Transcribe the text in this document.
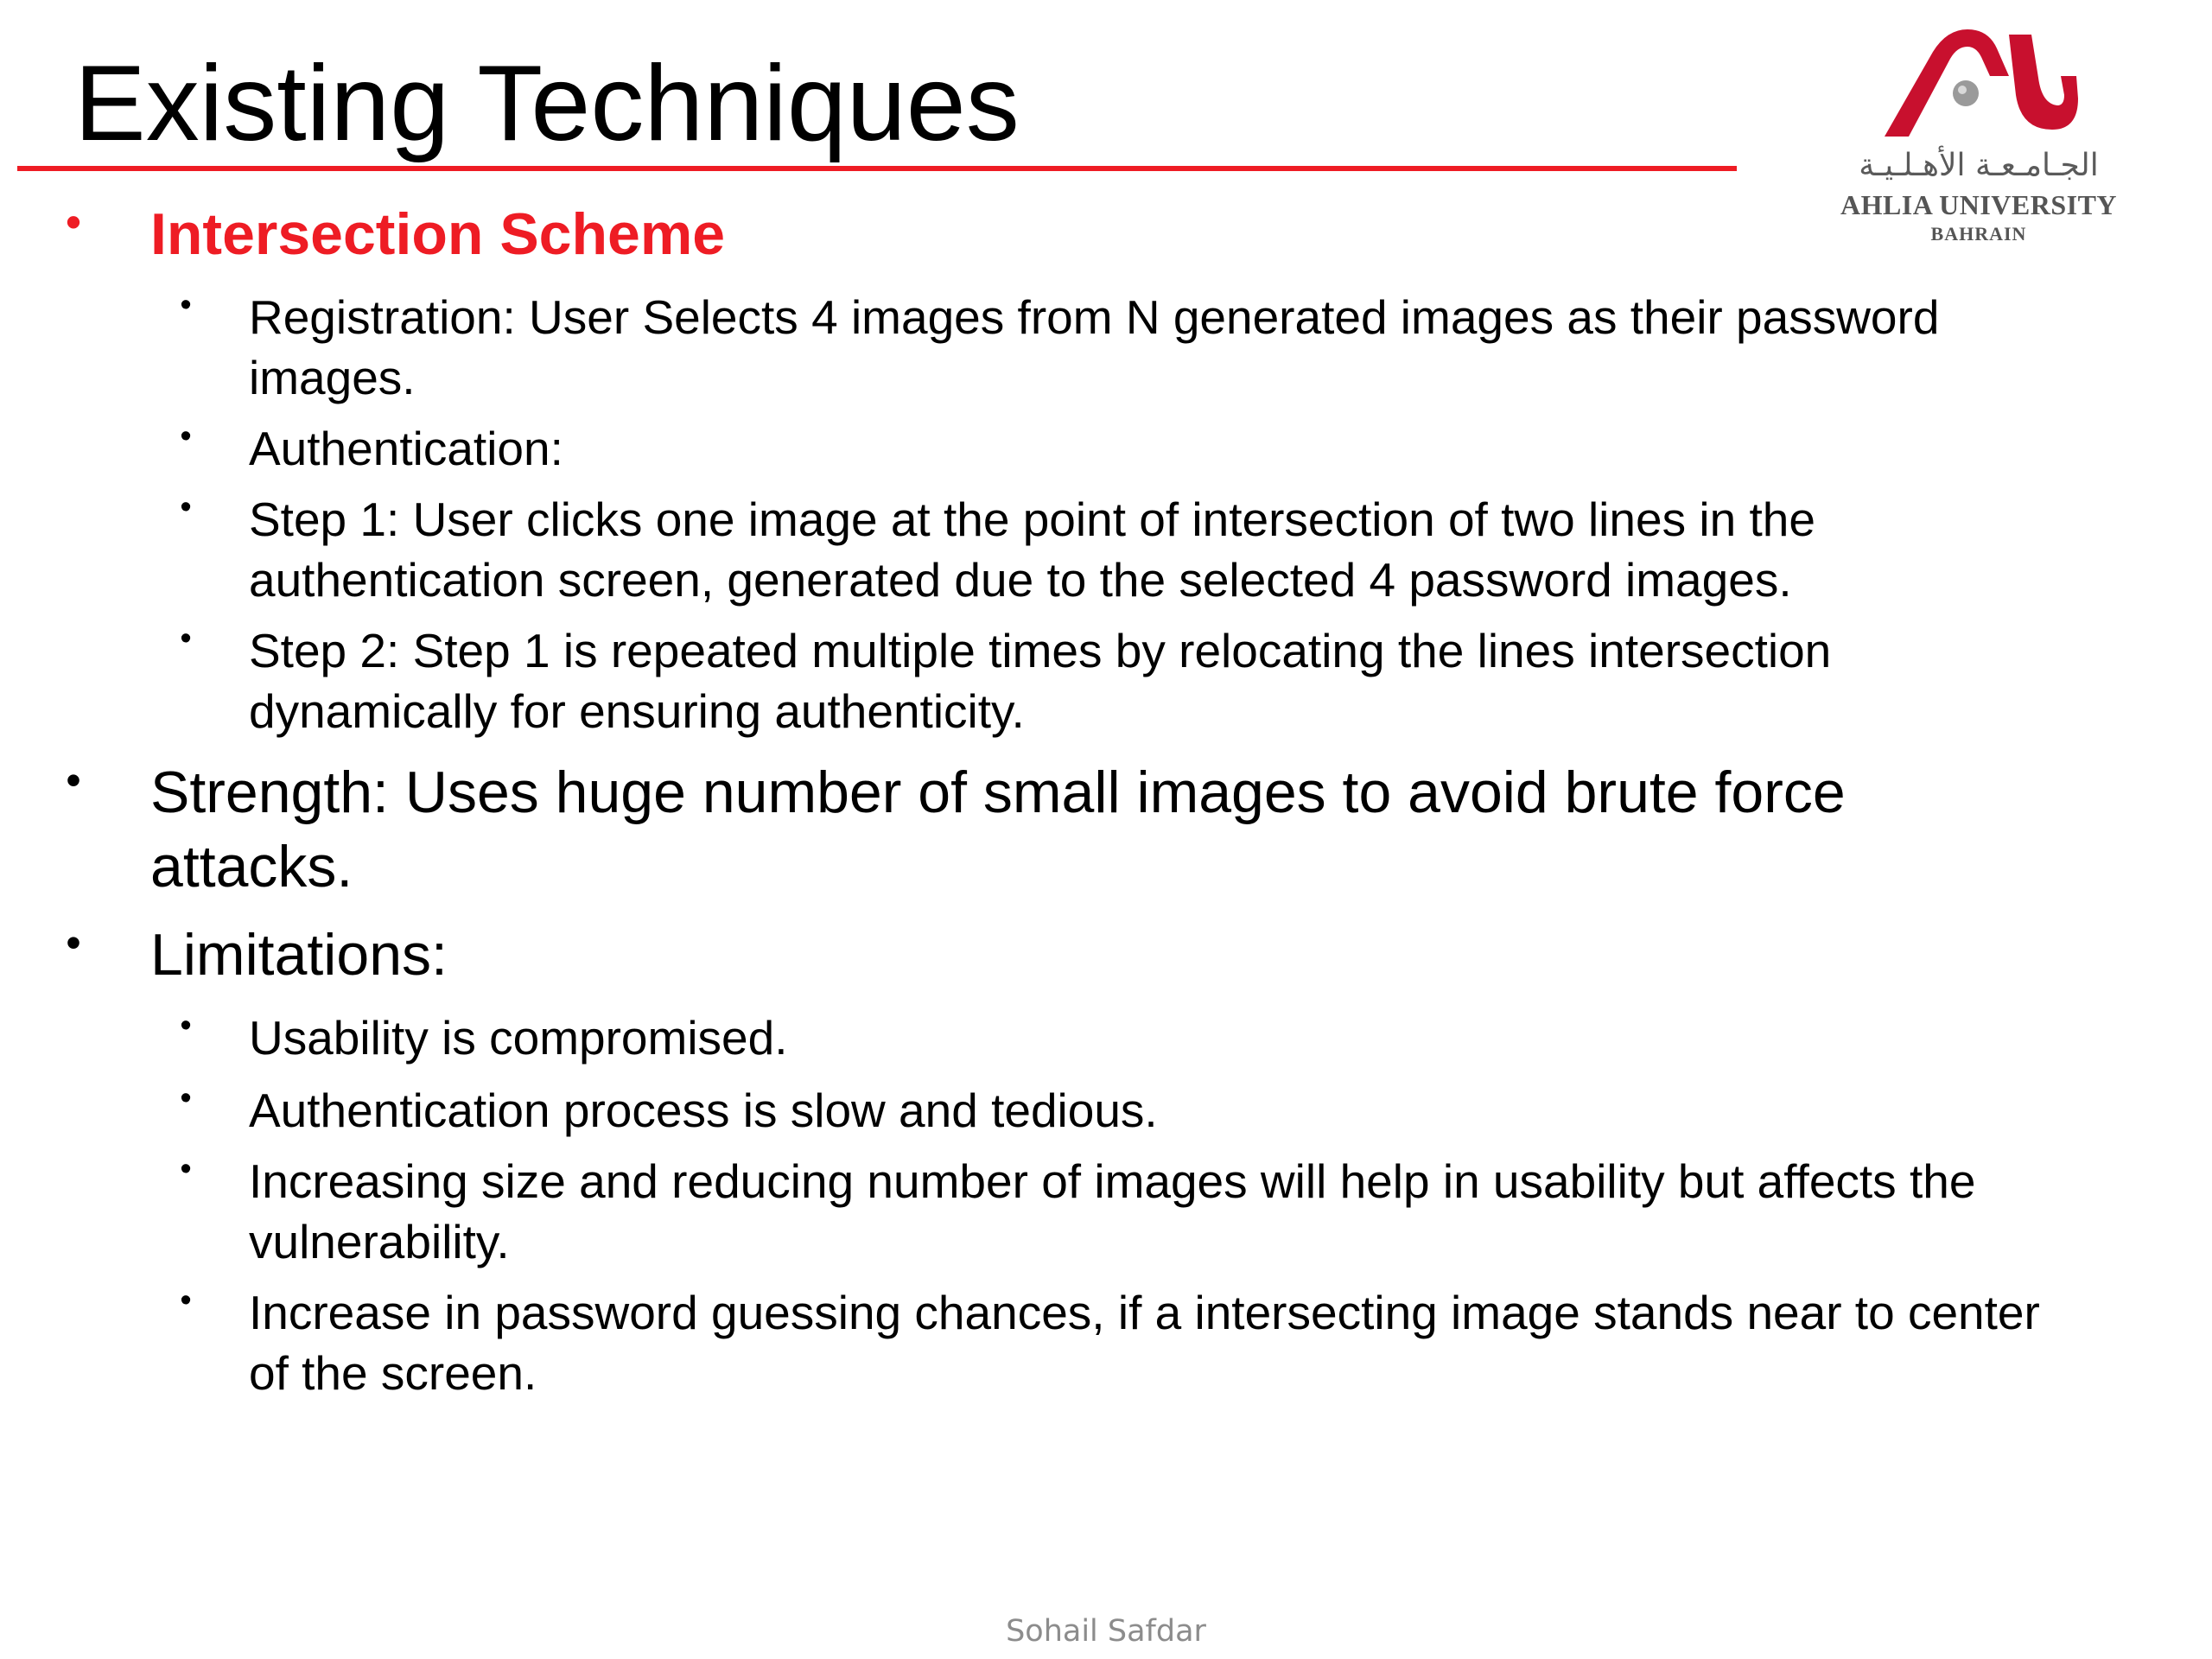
Existing Techniques
الجـامـعـة الأهـلـيـة
AHLIA UNIVERSITY
BAHRAIN
• Intersection Scheme
• Registration: User Selects 4 images from N generated images as their password images.
• Authentication:
• Step 1: User clicks one image at the point of intersection of two lines in the authentication screen, generated due to the selected 4 password images.
• Step 2: Step 1 is repeated multiple times by relocating the lines intersection dynamically for ensuring authenticity.
• Strength: Uses huge number of small images to avoid brute force attacks.
• Limitations:
• Usability is compromised.
• Authentication process is slow and tedious.
• Increasing size and reducing number of images will help in usability but affects the vulnerability.
• Increase in password guessing chances, if a intersecting image stands near to center of the screen.
Sohail Safdar
